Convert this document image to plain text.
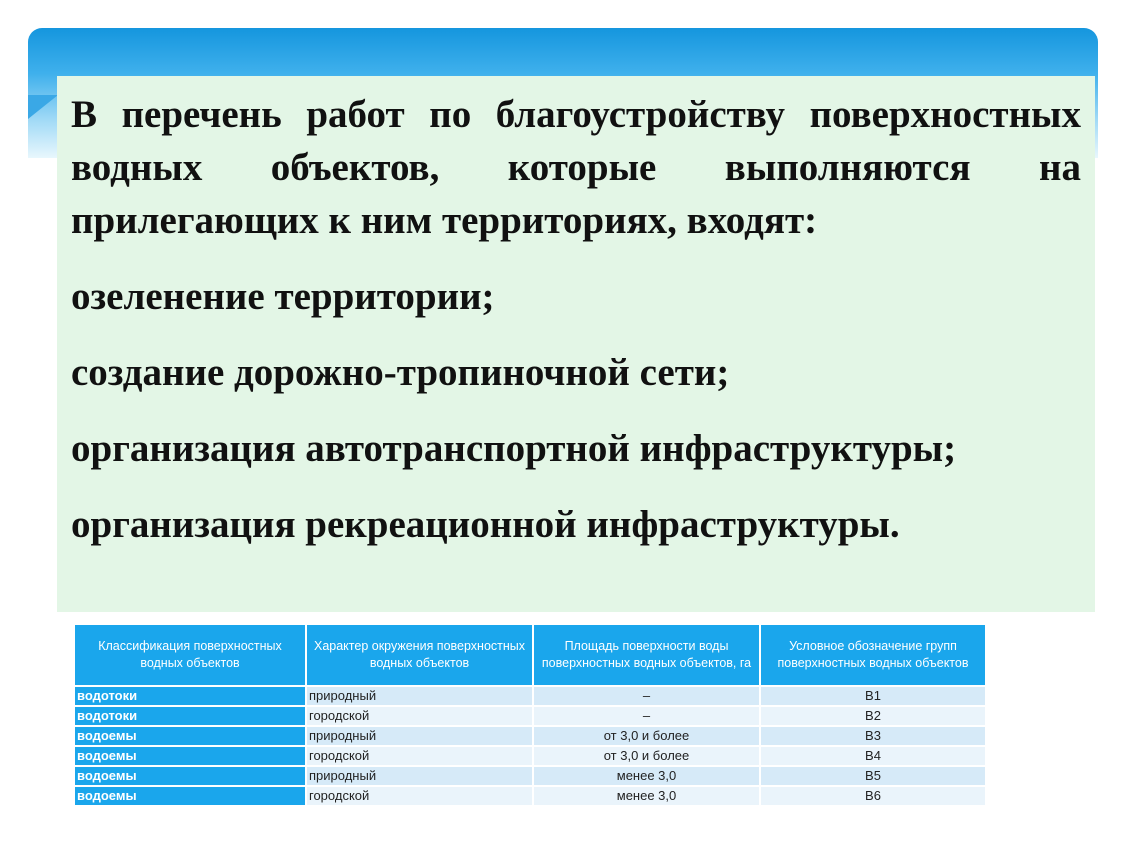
В перечень работ по благоустройству поверхностных водных объектов, которые выполняются на прилегающих к ним территориях, входят:

озеленение территории;

создание дорожно-тропиночной сети;

организация автотранспортной инфраструктуры;

организация рекреационной инфраструктуры.

Классификация поверхностных водных объектов	Характер окружения поверхностных водных объектов	Площадь поверхности воды поверхностных водных объектов, га	Условное обозначение групп поверхностных водных объектов
водотоки	природный	–	В1
водотоки	городской	–	В2
водоемы	природный	от 3,0 и более	В3
водоемы	городской	от 3,0 и более	В4
водоемы	природный	менее 3,0	В5
водоемы	городской	менее 3,0	В6
